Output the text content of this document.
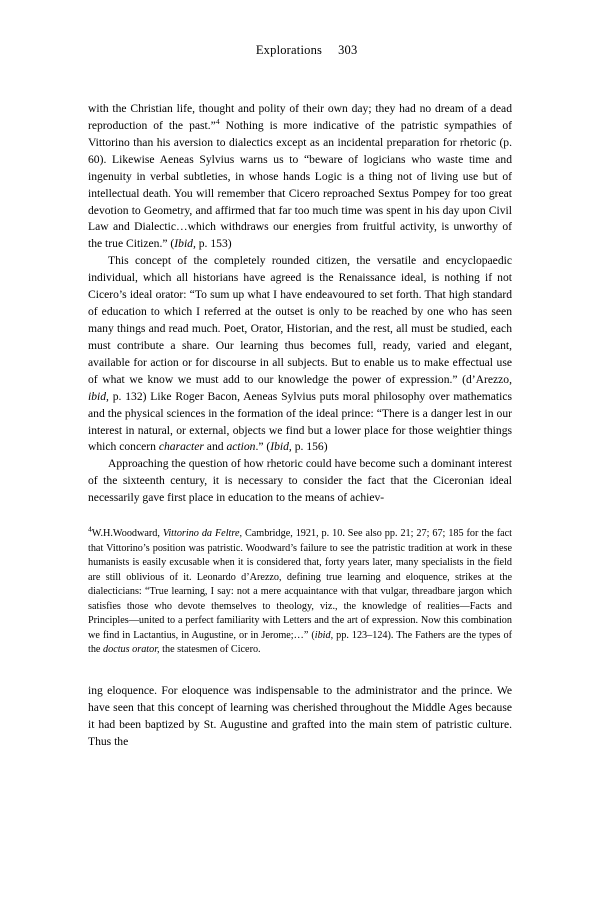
Explorations 303

with the Christian life, thought and polity of their own day; they had no dream of a dead reproduction of the past.”$^4$ Nothing is more indicative of the patristic sympathies of Vittorino than his aversion to dialectics except as an incidental preparation for rhetoric (p. 60). Likewise Aeneas Sylvius warns us to “beware of logicians who waste time and ingenuity in verbal subtleties, in whose hands Logic is a thing not of living use but of intellectual death. You will remember that Cicero reproached Sextus Pompey for too great devotion to Geometry, and affirmed that far too much time was spent in his day upon Civil Law and Dialectic…which withdraws our energies from fruitful activity, is unworthy of the true Citizen.” (Ibid, p. 153)

This concept of the completely rounded citizen, the versatile and encyclopaedic individual, which all historians have agreed is the Renaissance ideal, is nothing if not Cicero’s ideal orator: “To sum up what I have endeavoured to set forth. That high standard of education to which I referred at the outset is only to be reached by one who has seen many things and read much. Poet, Orator, Historian, and the rest, all must be studied, each must contribute a share. Our learning thus becomes full, ready, varied and elegant, available for action or for discourse in all subjects. But to enable us to make effectual use of what we know we must add to our knowledge the power of expression.” (d’Arezzo, ibid, p. 132) Like Roger Bacon, Aeneas Sylvius puts moral philosophy over mathematics and the physical sciences in the formation of the ideal prince: “There is a danger lest in our interest in natural, or external, objects we find but a lower place for those weightier things which concern character and action.” (Ibid, p. 156)

Approaching the question of how rhetoric could have become such a dominant interest of the sixteenth century, it is necessary to consider the fact that the Ciceronian ideal necessarily gave first place in education to the means of achiev-

$^4$W.H.Woodward, Vittorino da Feltre, Cambridge, 1921, p. 10. See also pp. 21; 27; 67; 185 for the fact that Vittorino’s position was patristic. Woodward’s failure to see the patristic tradition at work in these humanists is easily excusable when it is considered that, forty years later, many specialists in the field are still oblivious of it. Leonardo d’Arezzo, defining true learning and eloquence, strikes at the dialecticians: “True learning, I say: not a mere acquaintance with that vulgar, threadbare jargon which satisfies those who devote themselves to theology, viz., the knowledge of realities—Facts and Principles—united to a perfect familiarity with Letters and the art of expression. Now this combination we find in Lactantius, in Augustine, or in Jerome;…” (ibid, pp. 123–124). The Fathers are the types of the doctus orator, the statesmen of Cicero.

ing eloquence. For eloquence was indispensable to the administrator and the prince. We have seen that this concept of learning was cherished throughout the Middle Ages because it had been baptized by St. Augustine and grafted into the main stem of patristic culture. Thus the
